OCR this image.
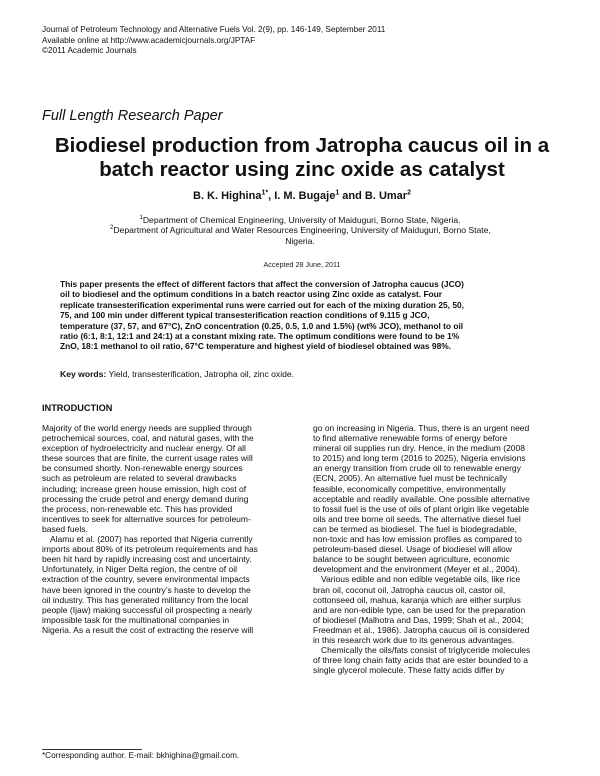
Journal of Petroleum Technology and Alternative Fuels Vol. 2(9), pp. 146-149, September 2011
Available online at http://www.academicjournals.org/JPTAF
©2011 Academic Journals
Full Length Research Paper
Biodiesel production from Jatropha caucus oil in a
batch reactor using zinc oxide as catalyst
B. K. Highina$^{1*}$, I. M. Bugaje$^1$ and B. Umar$^2$
$^1$Department of Chemical Engineering, University of Maiduguri, Borno State, Nigeria.
$^2$Department of Agricultural and Water Resources Engineering, University of Maiduguri, Borno State,
Nigeria.
Accepted 28 June, 2011
This paper presents the effect of different factors that affect the conversion of Jatropha caucus (JCO)
oil to biodiesel and the optimum conditions in a batch reactor using Zinc oxide as catalyst. Four
replicate transesterification experimental runs were carried out for each of the mixing duration 25, 50,
75, and 100 min under different typical transesterification reaction conditions of 9.115 g JCO,
temperature (37, 57, and 67°C), ZnO concentration (0.25, 0.5, 1.0 and 1.5%) (wt% JCO), methanol to oil
ratio (6:1, 8:1, 12:1 and 24:1) at a constant mixing rate. The optimum conditions were found to be 1%
ZnO, 18:1 methanol to oil ratio, 67°C temperature and highest yield of biodiesel obtained was 98%.
Key words: Yield, transesterification, Jatropha oil, zinc oxide.
INTRODUCTION
Majority of the world energy needs are supplied through
petrochemical sources, coal, and natural gases, with the
exception of hydroelectricity and nuclear energy. Of all
these sources that are finite, the current usage rates will
be consumed shortly. Non-renewable energy sources
such as petroleum are related to several drawbacks
including; increase green house emission, high cost of
processing the crude petrol and energy demand during
the process, non-renewable etc. This has provided
incentives to seek for alternative sources for petroleum-
based fuels.
Alamu et al. (2007) has reported that Nigeria currently
imports about 80% of its petroleum requirements and has
been hit hard by rapidly increasing cost and uncertainty.
Unfortunately, in Niger Delta region, the centre of oil
extraction of the country, severe environmental impacts
have been ignored in the country’s haste to develop the
oil industry. This has generated militancy from the local
people (Ijaw) making successful oil prospecting a nearly
impossible task for the multinational companies in
Nigeria. As a result the cost of extracting the reserve will
go on increasing in Nigeria. Thus, there is an urgent need
to find alternative renewable forms of energy before
mineral oil supplies run dry. Hence, in the medium (2008
to 2015) and long term (2016 to 2025), Nigeria envisions
an energy transition from crude oil to renewable energy
(ECN, 2005). An alternative fuel must be technically
feasible, economically competitive, environmentally
acceptable and readily available. One possible alternative
to fossil fuel is the use of oils of plant origin like vegetable
oils and tree borne oil seeds. The alternative diesel fuel
can be termed as biodiesel. The fuel is biodegradable,
non-toxic and has low emission profiles as compared to
petroleum-based diesel. Usage of biodiesel will allow
balance to be sought between agriculture, economic
development and the environment (Meyer et al., 2004).
Various edible and non edible vegetable oils, like rice
bran oil, coconut oil, Jatropha caucus oil, castor oil,
cottonseed oil, mahua, karanja which are either surplus
and are non-edible type, can be used for the preparation
of biodiesel (Malhotra and Das, 1999; Shah et al., 2004;
Freedman et al., 1986). Jatropha caucus oil is considered
in this research work due to its generous advantages.
Chemically the oils/fats consist of triglyceride molecules
of three long chain fatty acids that are ester bounded to a
single glycerol molecule. These fatty acids differ by
*Corresponding author. E-mail: bkhighina@gmail.com.
